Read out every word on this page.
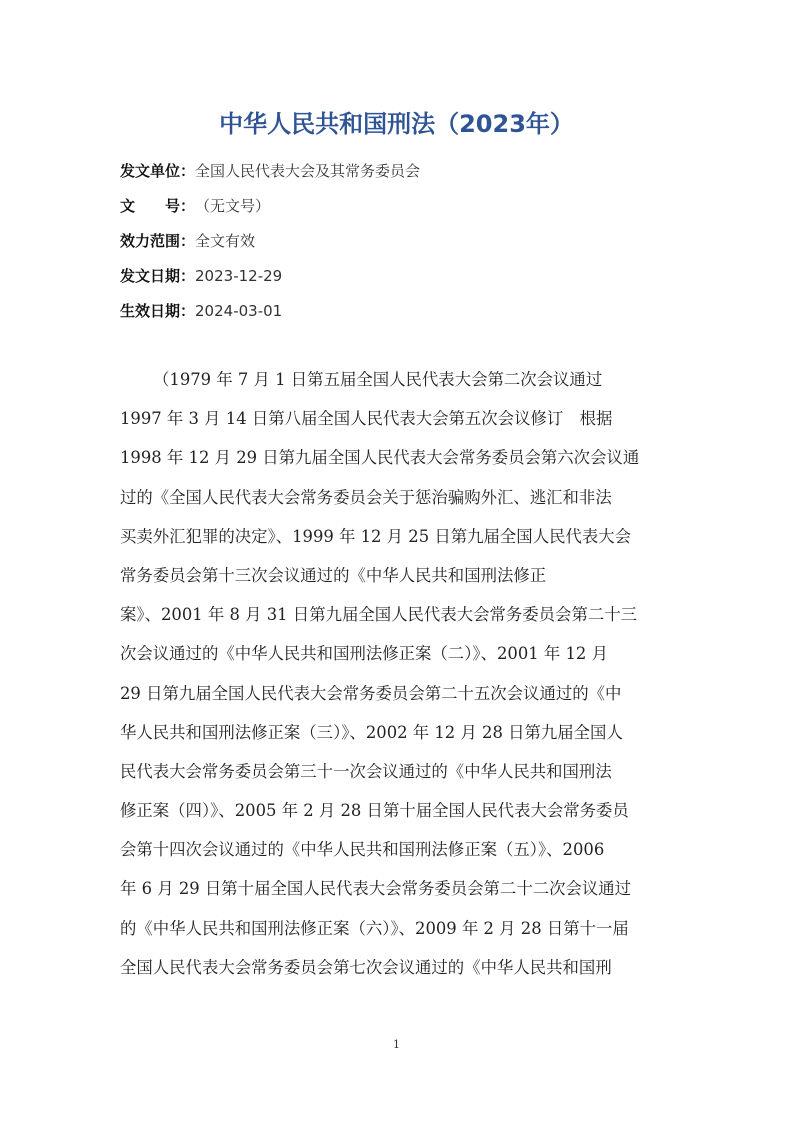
中华人民共和国刑法（2023年）
发文单位：全国人民代表大会及其常务委员会
文　　号：（无文号）
效力范围：全文有效
发文日期：2023-12-29
生效日期：2024-03-01
（1979 年 7 月 1 日第五届全国人民代表大会第二次会议通过
1997 年 3 月 14 日第八届全国人民代表大会第五次会议修订　根据
1998 年 12 月 29 日第九届全国人民代表大会常务委员会第六次会议通
过的《全国人民代表大会常务委员会关于惩治骗购外汇、逃汇和非法
买卖外汇犯罪的决定》、1999 年 12 月 25 日第九届全国人民代表大会
常务委员会第十三次会议通过的《中华人民共和国刑法修正
案》、2001 年 8 月 31 日第九届全国人民代表大会常务委员会第二十三
次会议通过的《中华人民共和国刑法修正案（二）》、2001 年 12 月
29 日第九届全国人民代表大会常务委员会第二十五次会议通过的《中
华人民共和国刑法修正案（三）》、2002 年 12 月 28 日第九届全国人
民代表大会常务委员会第三十一次会议通过的《中华人民共和国刑法
修正案（四）》、2005 年 2 月 28 日第十届全国人民代表大会常务委员
会第十四次会议通过的《中华人民共和国刑法修正案（五）》、2006
年 6 月 29 日第十届全国人民代表大会常务委员会第二十二次会议通过
的《中华人民共和国刑法修正案（六）》、2009 年 2 月 28 日第十一届
全国人民代表大会常务委员会第七次会议通过的《中华人民共和国刑
1
